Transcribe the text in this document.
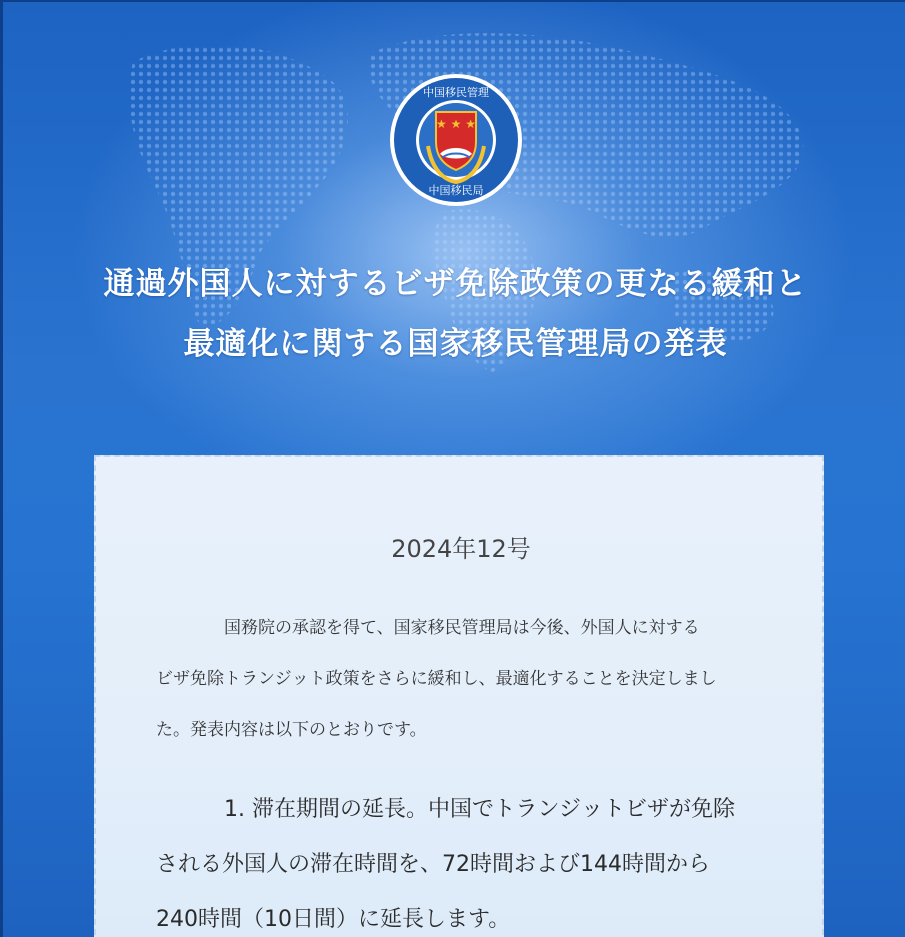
★ ★ ★
中国移民管理
中国移民局
通過外国人に対するビザ免除政策の更なる緩和と
最適化に関する国家移民管理局の発表
2024年12号
国務院の承認を得て、国家移民管理局は今後、外国人に対する
ビザ免除トランジット政策をさらに緩和し、最適化することを決定しまし
た。発表内容は以下のとおりです。
1. 滞在期間の延長。中国でトランジットビザが免除
される外国人の滞在時間を、72時間および144時間から
240時間（10日間）に延長します。
